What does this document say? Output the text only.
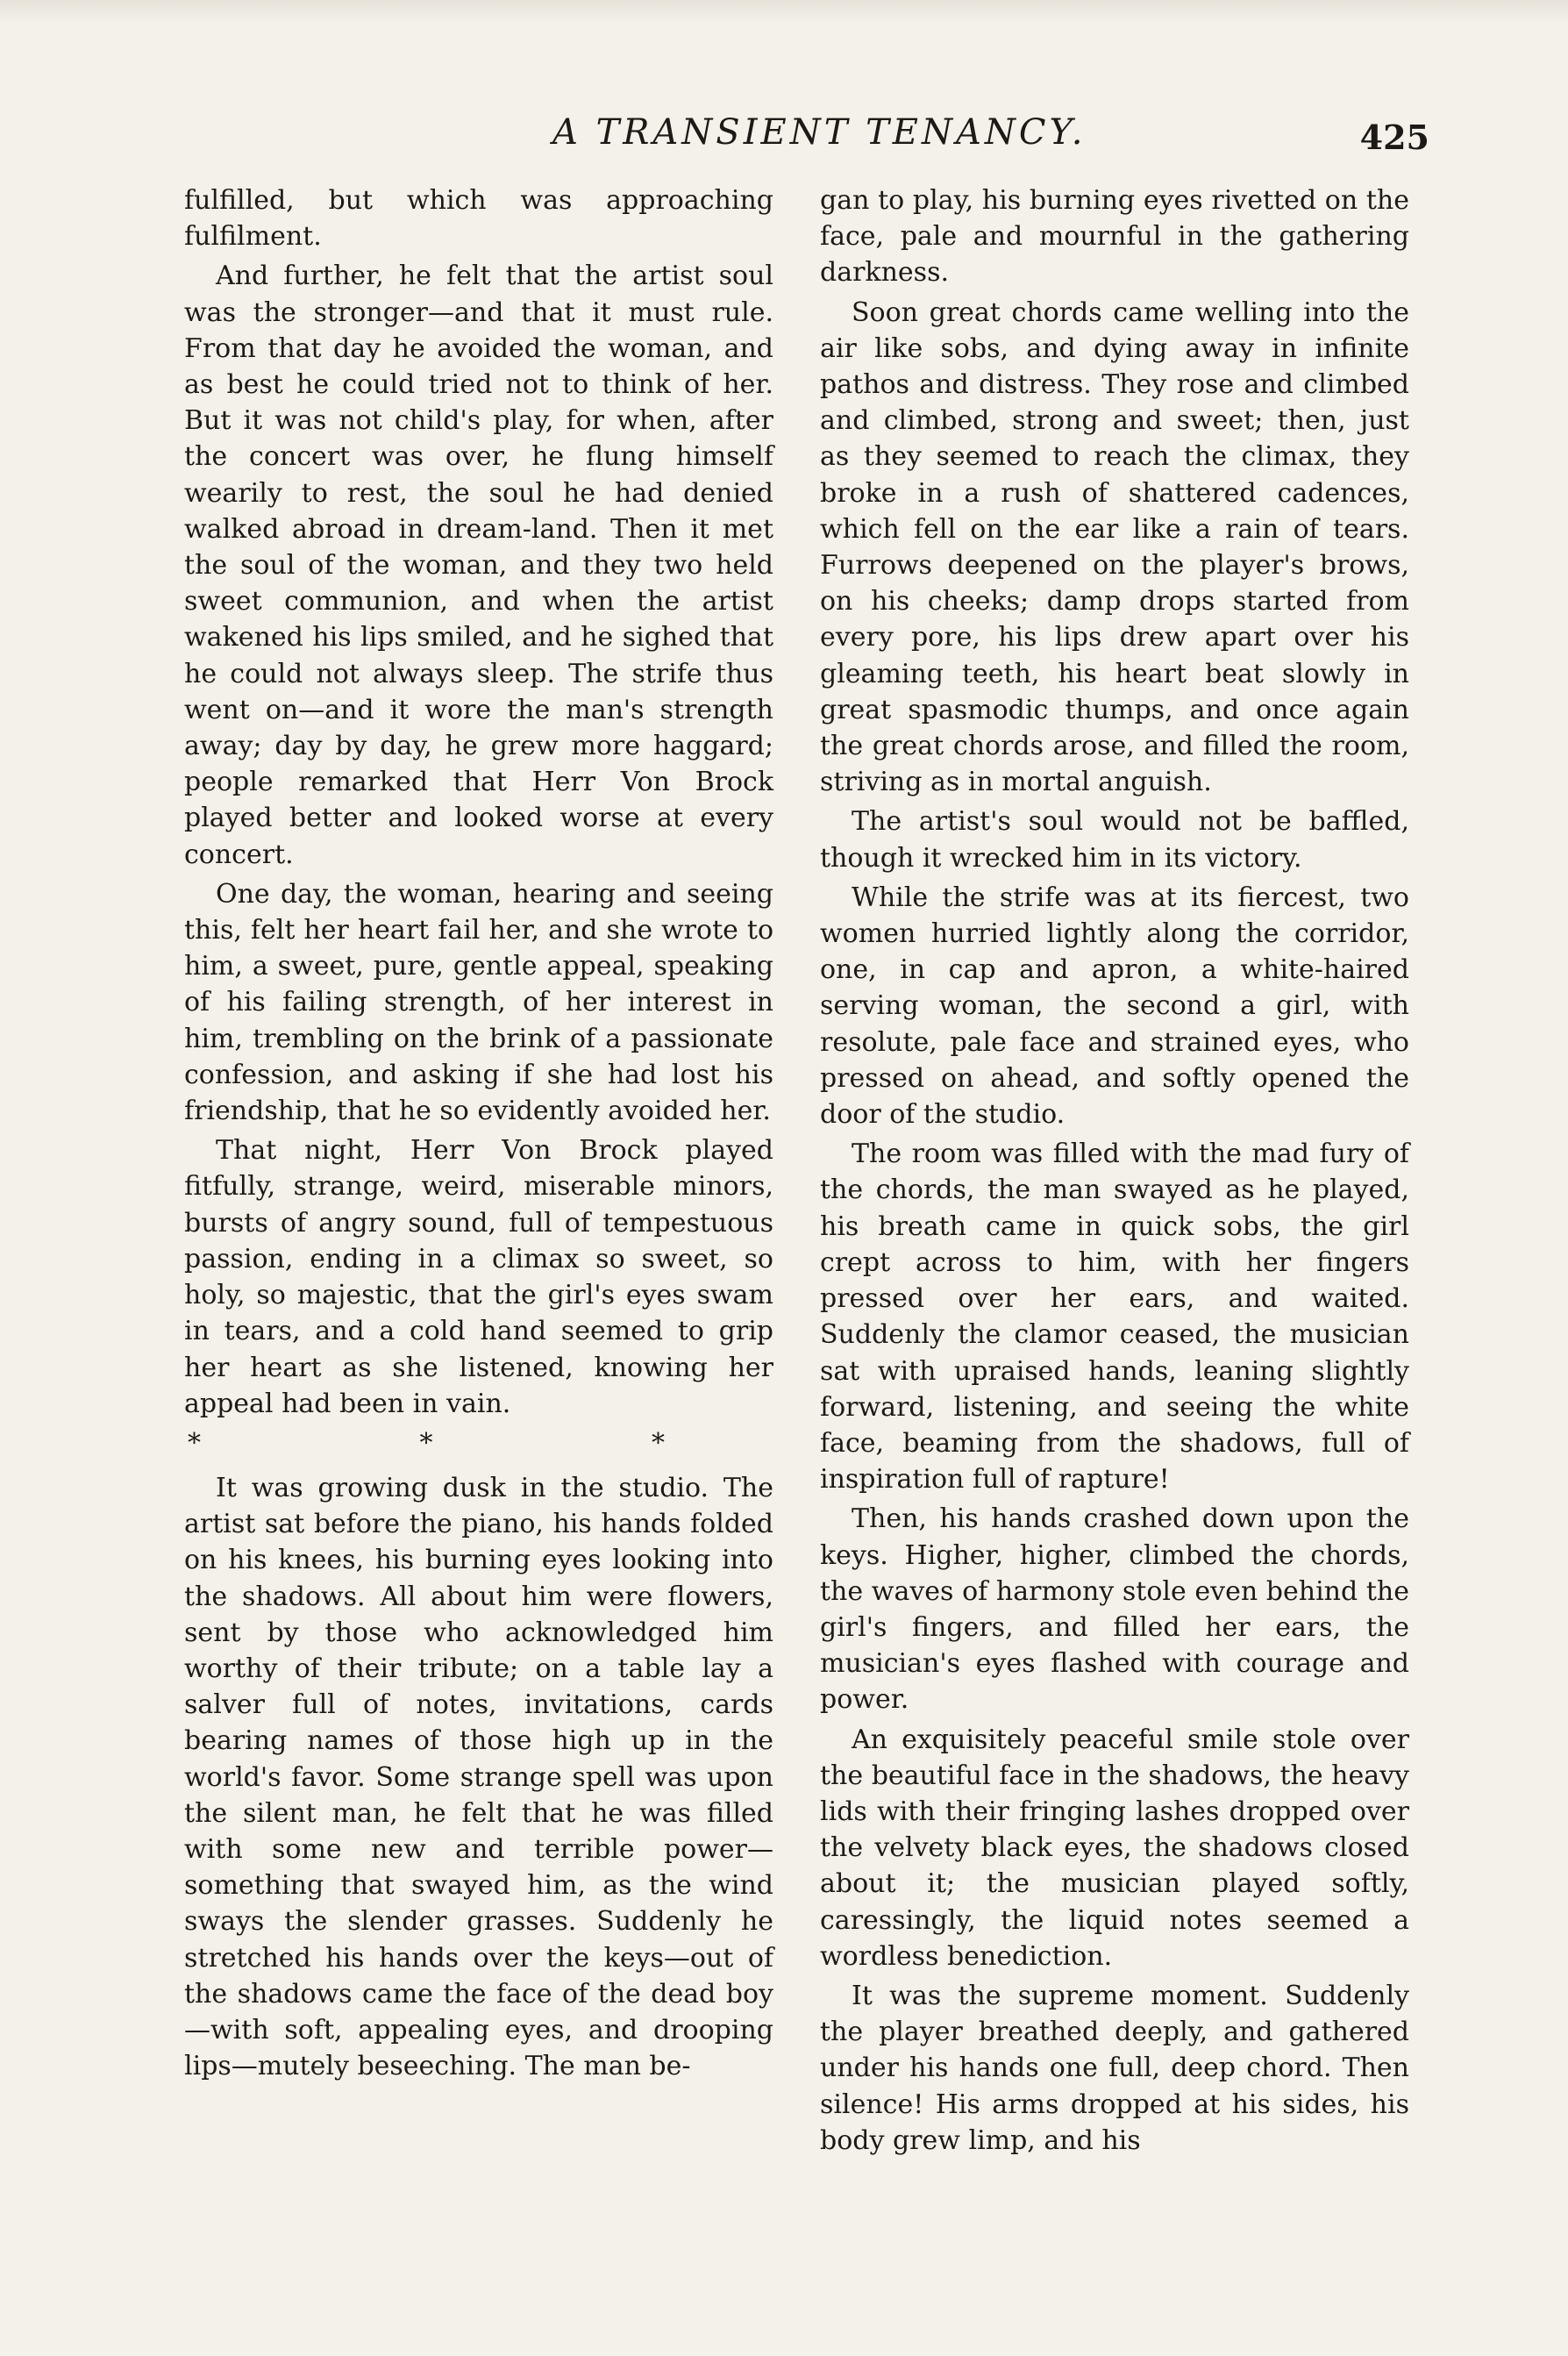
A TRANSIENT TENANCY.	425

fulfilled, but which was approaching fulfilment.

And further, he felt that the artist soul was the stronger—and that it must rule. From that day he avoided the woman, and as best he could tried not to think of her. But it was not child's play, for when, after the concert was over, he flung himself wearily to rest, the soul he had denied walked abroad in dream-land. Then it met the soul of the woman, and they two held sweet communion, and when the artist wakened his lips smiled, and he sighed that he could not always sleep. The strife thus went on—and it wore the man's strength away; day by day, he grew more haggard; people remarked that Herr Von Brock played better and looked worse at every concert.

One day, the woman, hearing and seeing this, felt her heart fail her, and she wrote to him, a sweet, pure, gentle appeal, speaking of his failing strength, of her interest in him, trembling on the brink of a passionate confession, and asking if she had lost his friendship, that he so evidently avoided her.

That night, Herr Von Brock played fitfully, strange, weird, miserable minors, bursts of angry sound, full of tempestuous passion, ending in a climax so sweet, so holy, so majestic, that the girl's eyes swam in tears, and a cold hand seemed to grip her heart as she listened, knowing her appeal had been in vain.

* * *

It was growing dusk in the studio. The artist sat before the piano, his hands folded on his knees, his burning eyes looking into the shadows. All about him were flowers, sent by those who acknowledged him worthy of their tribute; on a table lay a salver full of notes, invitations, cards bearing names of those high up in the world's favor. Some strange spell was upon the silent man, he felt that he was filled with some new and terrible power—something that swayed him, as the wind sways the slender grasses. Suddenly he stretched his hands over the keys—out of the shadows came the face of the dead boy—with soft, appealing eyes, and drooping lips—mutely beseeching. The man be-

gan to play, his burning eyes rivetted on the face, pale and mournful in the gathering darkness.

Soon great chords came welling into the air like sobs, and dying away in infinite pathos and distress. They rose and climbed and climbed, strong and sweet; then, just as they seemed to reach the climax, they broke in a rush of shattered cadences, which fell on the ear like a rain of tears. Furrows deepened on the player's brows, on his cheeks; damp drops started from every pore, his lips drew apart over his gleaming teeth, his heart beat slowly in great spasmodic thumps, and once again the great chords arose, and filled the room, striving as in mortal anguish.

The artist's soul would not be baffled, though it wrecked him in its victory.

While the strife was at its fiercest, two women hurried lightly along the corridor, one, in cap and apron, a white-haired serving woman, the second a girl, with resolute, pale face and strained eyes, who pressed on ahead, and softly opened the door of the studio.

The room was filled with the mad fury of the chords, the man swayed as he played, his breath came in quick sobs, the girl crept across to him, with her fingers pressed over her ears, and waited. Suddenly the clamor ceased, the musician sat with upraised hands, leaning slightly forward, listening, and seeing the white face, beaming from the shadows, full of inspiration full of rapture!

Then, his hands crashed down upon the keys. Higher, higher, climbed the chords, the waves of harmony stole even behind the girl's fingers, and filled her ears, the musician's eyes flashed with courage and power.

An exquisitely peaceful smile stole over the beautiful face in the shadows, the heavy lids with their fringing lashes dropped over the velvety black eyes, the shadows closed about it; the musician played softly, caressingly, the liquid notes seemed a wordless benediction.

It was the supreme moment. Suddenly the player breathed deeply, and gathered under his hands one full, deep chord. Then silence! His arms dropped at his sides, his body grew limp, and his
